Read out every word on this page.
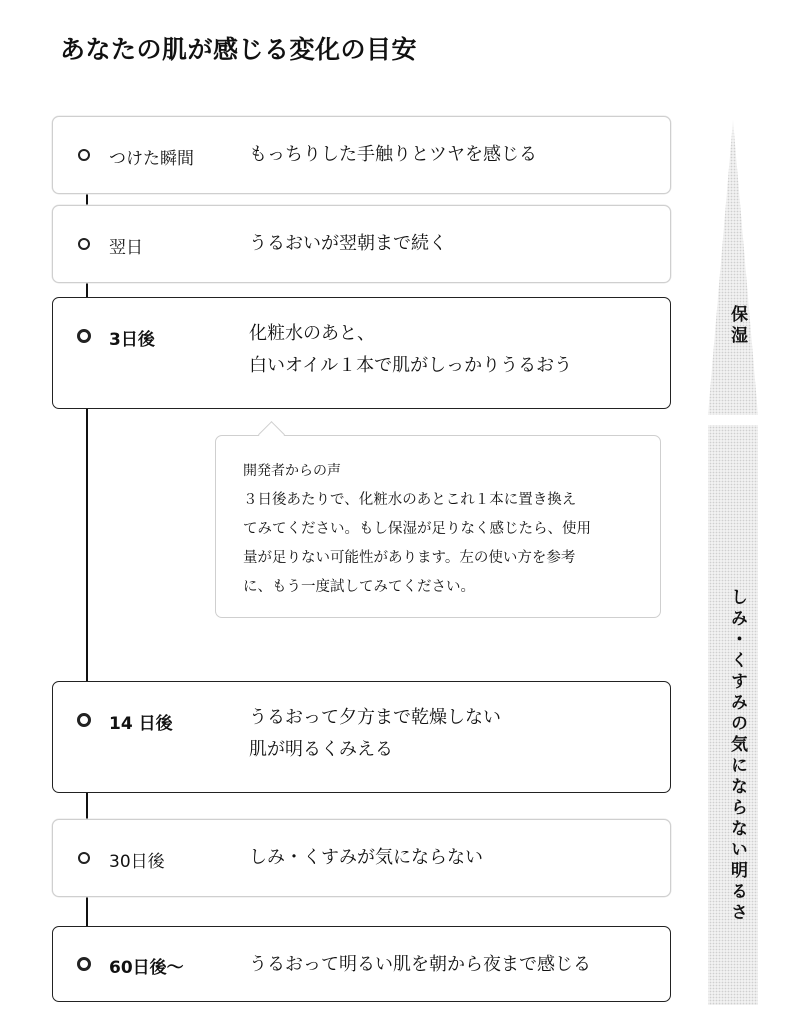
あなたの肌が感じる変化の目安
つけた瞬間	もっちりした手触りとツヤを感じる
翌日	うるおいが翌朝まで続く
3日後	化粧水のあと、
白いオイル１本で肌がしっかりうるおう
開発者からの声
３日後あたりで、化粧水のあとこれ１本に置き換え
てみてください。もし保湿が足りなく感じたら、使用
量が足りない可能性があります。左の使い方を参考
に、もう一度試してみてください。
14 日後	うるおって夕方まで乾燥しない
肌が明るくみえる
30日後	しみ・くすみが気にならない
60日後〜	うるおって明るい肌を朝から夜まで感じる
保湿
しみ・くすみの気にならない明るさ
